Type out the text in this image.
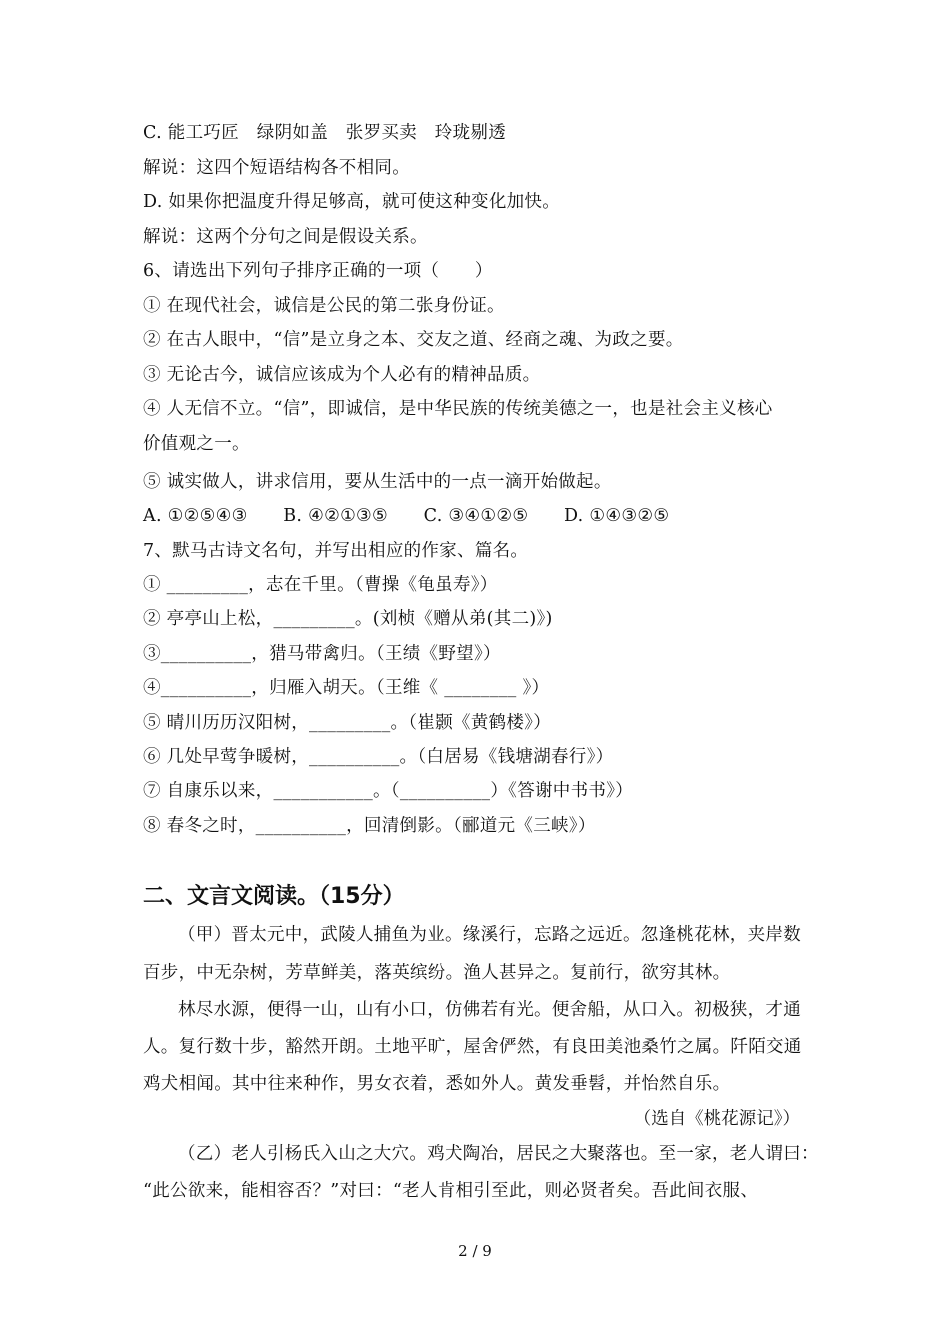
C. 能工巧匠　绿阴如盖　张罗买卖　玲珑剔透
解说：这四个短语结构各不相同。
D. 如果你把温度升得足够高，就可使这种变化加快。
解说：这两个分句之间是假设关系。
6、请选出下列句子排序正确的一项（　　）
① 在现代社会，诚信是公民的第二张身份证。
② 在古人眼中，“信”是立身之本、交友之道、经商之魂、为政之要。
③ 无论古今，诚信应该成为个人必有的精神品质。
④ 人无信不立。“信”，即诚信，是中华民族的传统美德之一，也是社会主义核心
价值观之一。
⑤ 诚实做人，讲求信用，要从生活中的一点一滴开始做起。
A. ①②⑤④③　　B. ④②①③⑤　　C. ③④①②⑤　　D. ①④③②⑤
7、默马古诗文名句，并写出相应的作家、篇名。
① _________，志在千里。（曹操《龟虽寿》）
② 亭亭山上松，_________。(刘桢《赠从弟(其二)》)
③__________，猎马带禽归。（王绩《野望》）
④__________，归雁入胡天。（王维《 ________ 》）
⑤ 晴川历历汉阳树，_________。（崔颢《黄鹤楼》）
⑥ 几处早莺争暖树，__________。（白居易《钱塘湖春行》）
⑦ 自康乐以来，___________。（__________）《答谢中书书》）
⑧ 春冬之时，__________，回清倒影。（郦道元《三峡》）
二、文言文阅读。（15分）
（甲）晋太元中，武陵人捕鱼为业。缘溪行，忘路之远近。忽逢桃花林，夹岸数
百步，中无杂树，芳草鲜美，落英缤纷。渔人甚异之。复前行，欲穷其林。
林尽水源，便得一山，山有小口，仿佛若有光。便舍船，从口入。初极狭，才通
人。复行数十步，豁然开朗。土地平旷，屋舍俨然，有良田美池桑竹之属。阡陌交通
鸡犬相闻。其中往来种作，男女衣着，悉如外人。黄发垂髫，并怡然自乐。
（选自《桃花源记》）
（乙）老人引杨氏入山之大穴。鸡犬陶冶，居民之大聚落也。至一家，老人谓曰：
“此公欲来，能相容否？”对曰：“老人肯相引至此，则必贤者矣。吾此间衣服、
2 / 9
